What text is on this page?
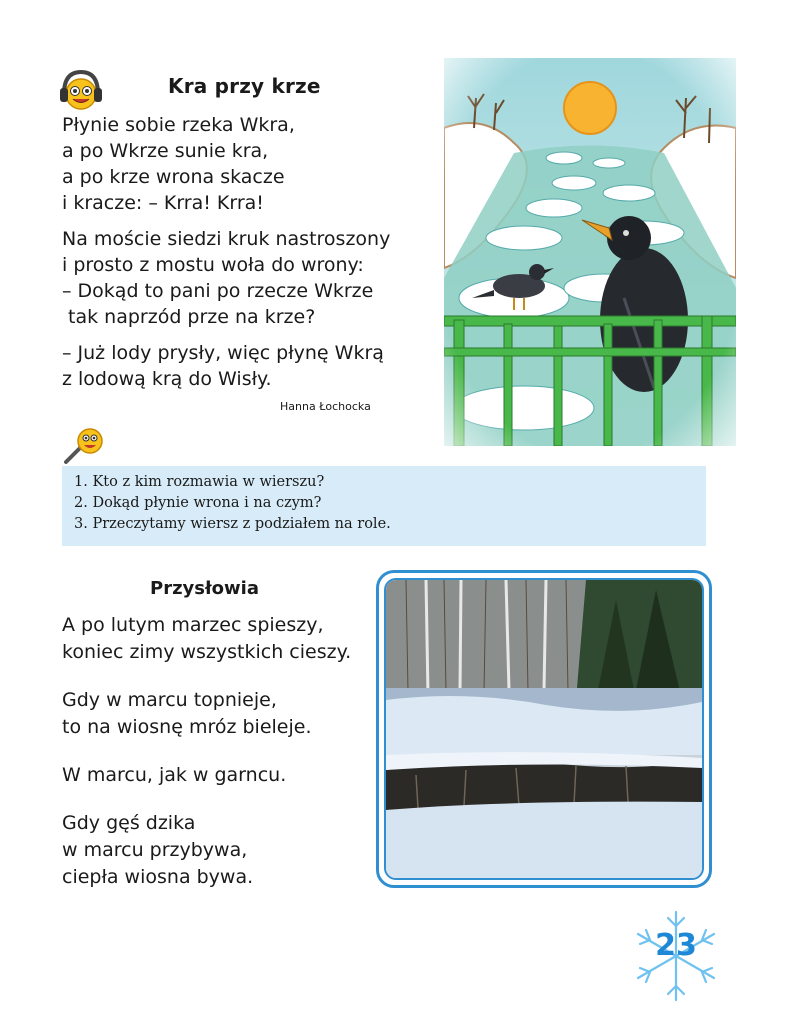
Kra przy krze
Płynie sobie rzeka Wkra,
a po Wkrze sunie kra,
a po krze wrona skacze
i kracze: – Krra! Krra!
Na moście siedzi kruk nastroszony
i prosto z mostu woła do wrony:
– Dokąd to pani po rzecze Wkrze
tak naprzód prze na krze?
– Już lody prysły, więc płynę Wkrą
z lodową krą do Wisły.
Hanna Łochocka
1. Kto z kim rozmawia w wierszu?
2. Dokąd płynie wrona i na czym?
3. Przeczytamy wiersz z podziałem na role.
Przysłowia
A po lutym marzec spieszy,
koniec zimy wszystkich cieszy.
Gdy w marcu topnieje,
to na wiosnę mróz bieleje.
W marcu, jak w garncu.
Gdy gęś dzika
w marcu przybywa,
ciepła wiosna bywa.
23
